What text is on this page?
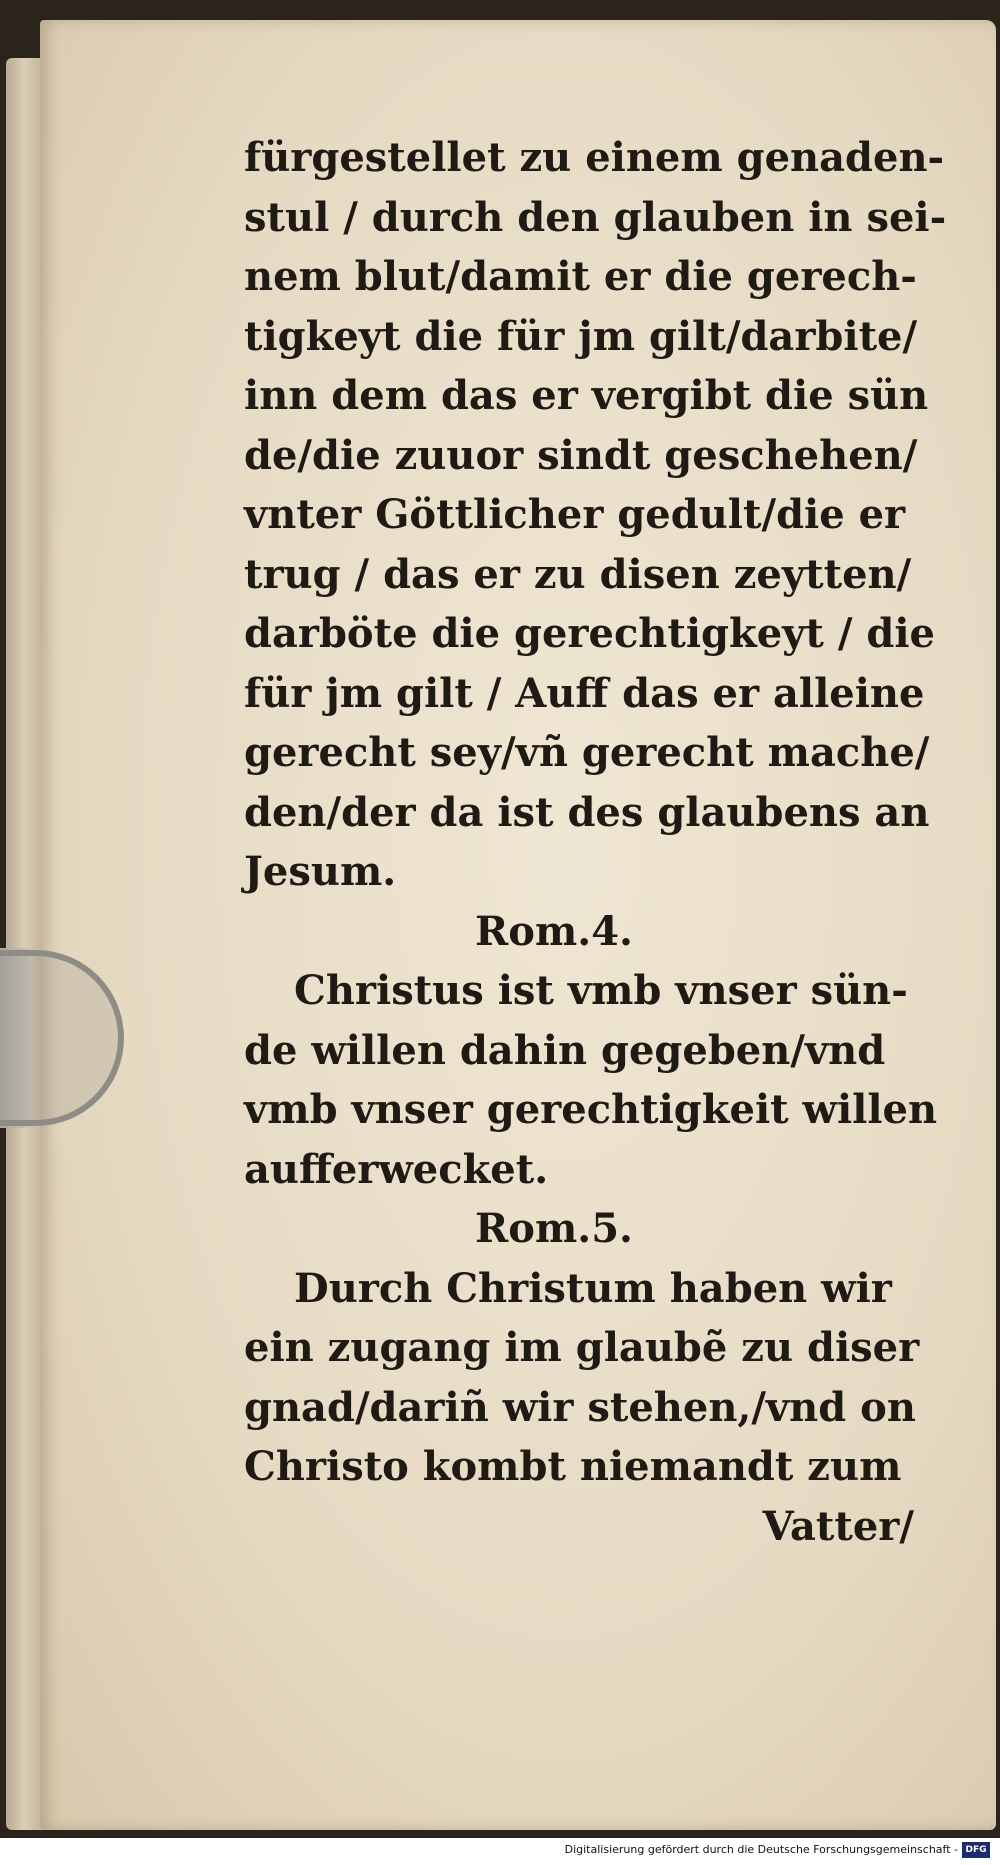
fürgestellet zu einem genaden-
stul / durch den glauben in sei-
nem blut/damit er die gerech-
tigkeyt die für jm gilt/darbite/
inn dem das er vergibt die sün
de/die zuuor sindt geschehen/
vnter Göttlicher gedult/die er
trug / das er zu disen zeytten/
darböte die gerechtigkeyt / die
für jm gilt / Auff das er alleine
gerecht sey/vñ gerecht mache/
den/der da ist des glaubens an
Jesum.
Rom.4.
Christus ist vmb vnser sün-
de willen dahin gegeben/vnd
vmb vnser gerechtigkeit willen
aufferwecket.
Rom.5.
Durch Christum haben wir
ein zugang im glaubẽ zu diser
gnad/dariñ wir stehen,/vnd on
Christo kombt niemandt zum
Vatter/
Digitalisierung gefördert durch die Deutsche Forschungsgemeinschaft - DFG
